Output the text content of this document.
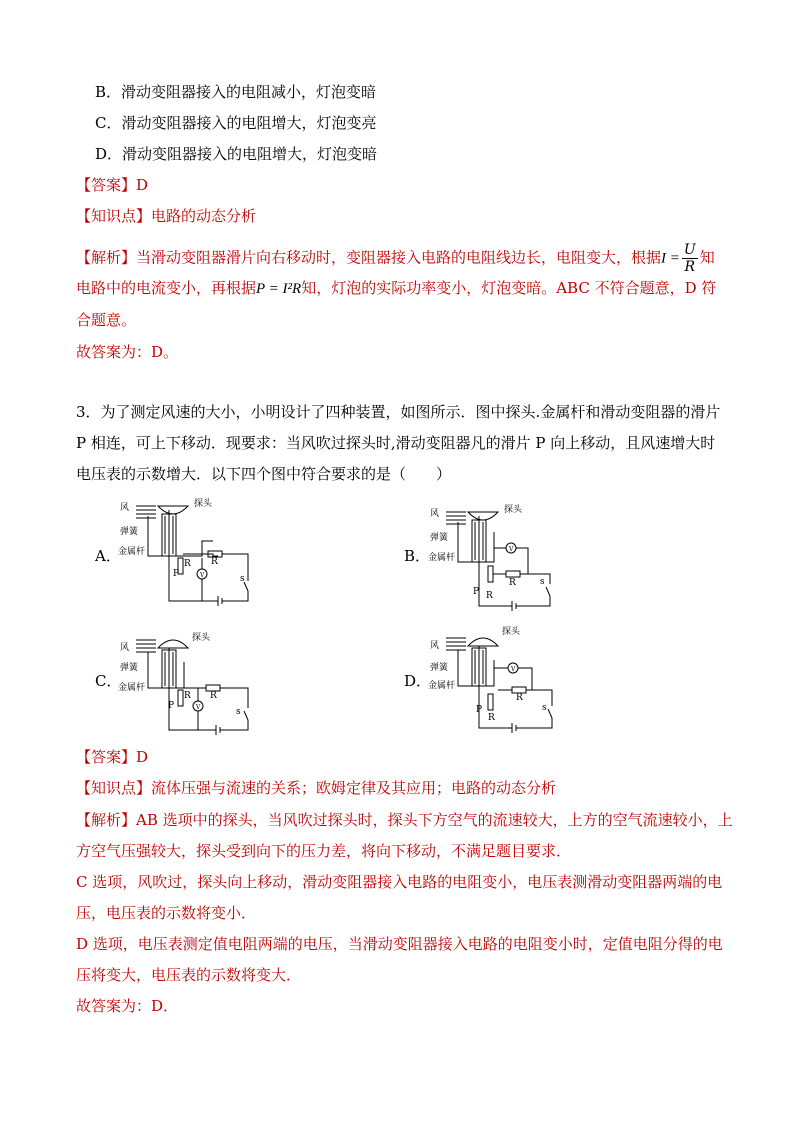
B．滑动变阻器接入的电阻减小，灯泡变暗
C．滑动变阻器接入的电阻增大，灯泡变亮
D．滑动变阻器接入的电阻增大，灯泡变暗
【答案】D
【知识点】电路的动态分析
【解析】当滑动变阻器滑片向右移动时，变阻器接入电路的电阻线边长，电阻变大，根据$I = \frac{U}{R}$ 知
电路中的电流变小，再根据P = I²R知，灯泡的实际功率变小，灯泡变暗。ABC 不符合题意，D 符
合题意。
故答案为：D。
3．为了测定风速的大小，小明设计了四种装置，如图所示．图中探头.金属杆和滑动变阻器的滑片
P 相连，可上下移动．现要求：当风吹过探头时,滑动变阻器凡的滑片 P 向上移动，且风速增大时
电压表的示数增大．以下四个图中符合要求的是（　　）
A．	B．
C．	D．
风	探头
弹簧
金属杆
P
R R
V	s
风	探头
弹簧
金属杆
P R
R
V
s
风
探头
弹簧
金属杆
P
R R
V	s
风
探头
弹簧
金属杆
P
R
R
V
s
【答案】D
【知识点】流体压强与流速的关系；欧姆定律及其应用；电路的动态分析
【解析】AB 选项中的探头，当风吹过探头时，探头下方空气的流速较大，上方的空气流速较小，上
方空气压强较大，探头受到向下的压力差，将向下移动，不满足题目要求．
C 选项，风吹过，探头向上移动，滑动变阻器接入电路的电阻变小，电压表测滑动变阻器两端的电
压，电压表的示数将变小．
D 选项，电压表测定值电阻两端的电压，当滑动变阻器接入电路的电阻变小时，定值电阻分得的电
压将变大，电压表的示数将变大．
故答案为：D．
